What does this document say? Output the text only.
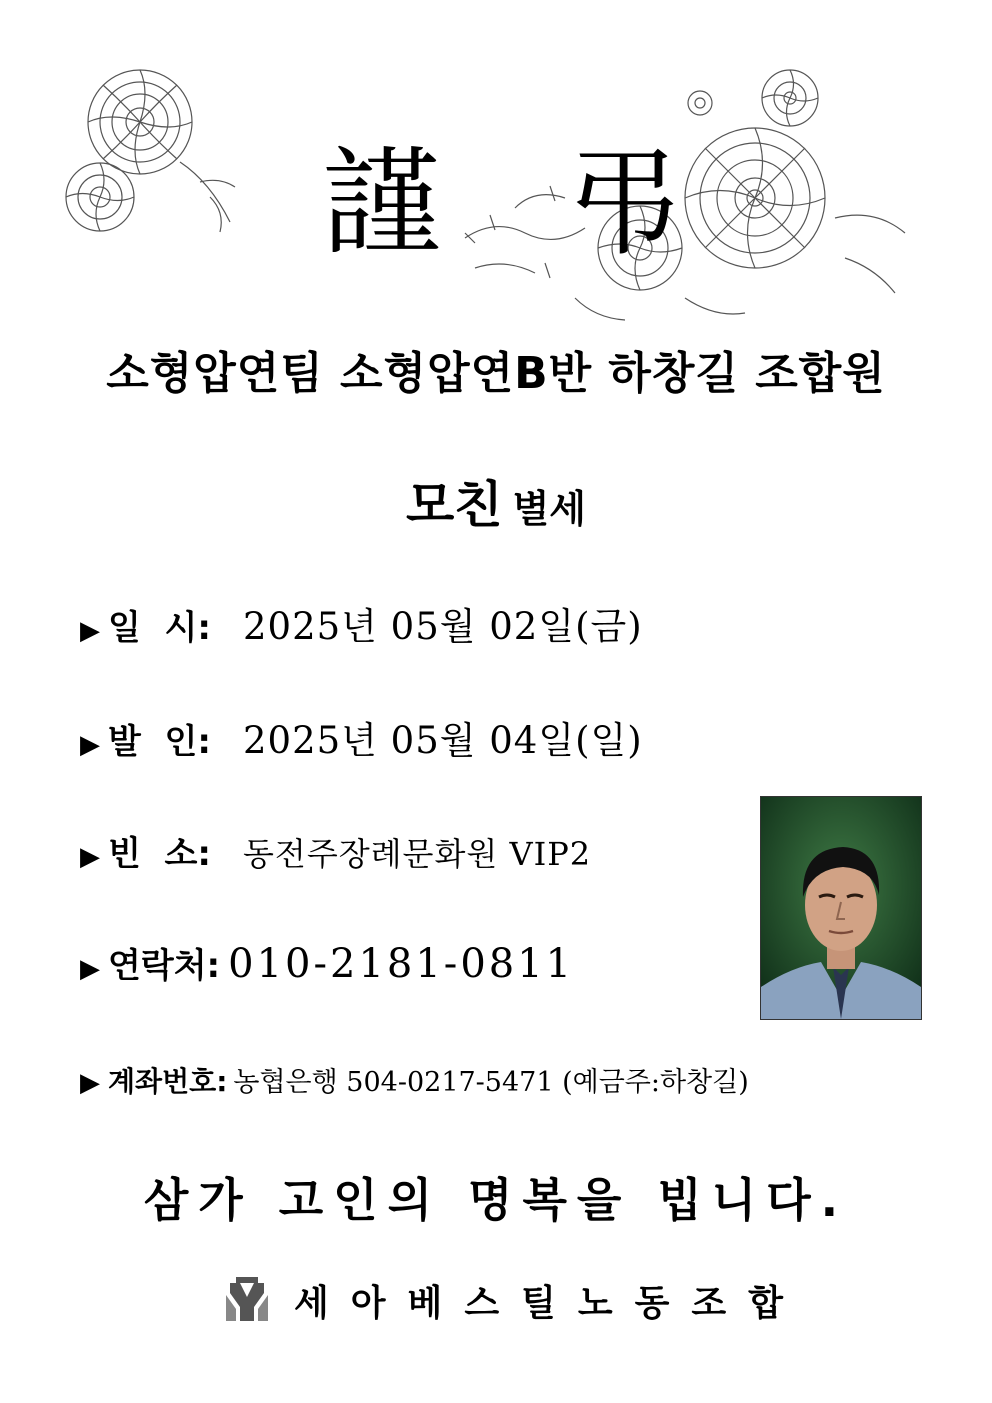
謹 弔
소형압연팀 소형압연B반 하창길 조합원
모친 별세
▶ 일  시: 2025년 05월 02일(금)
▶ 발  인: 2025년 05월 04일(일)
▶ 빈  소:	동전주장례문화원 VIP2
▶ 연락처: 010-2181-0811
▶ 계좌번호: 농협은행 504-0217-5471 (예금주:하창길)
삼가 고인의 명복을 빕니다.
세아베스틸노동조합
